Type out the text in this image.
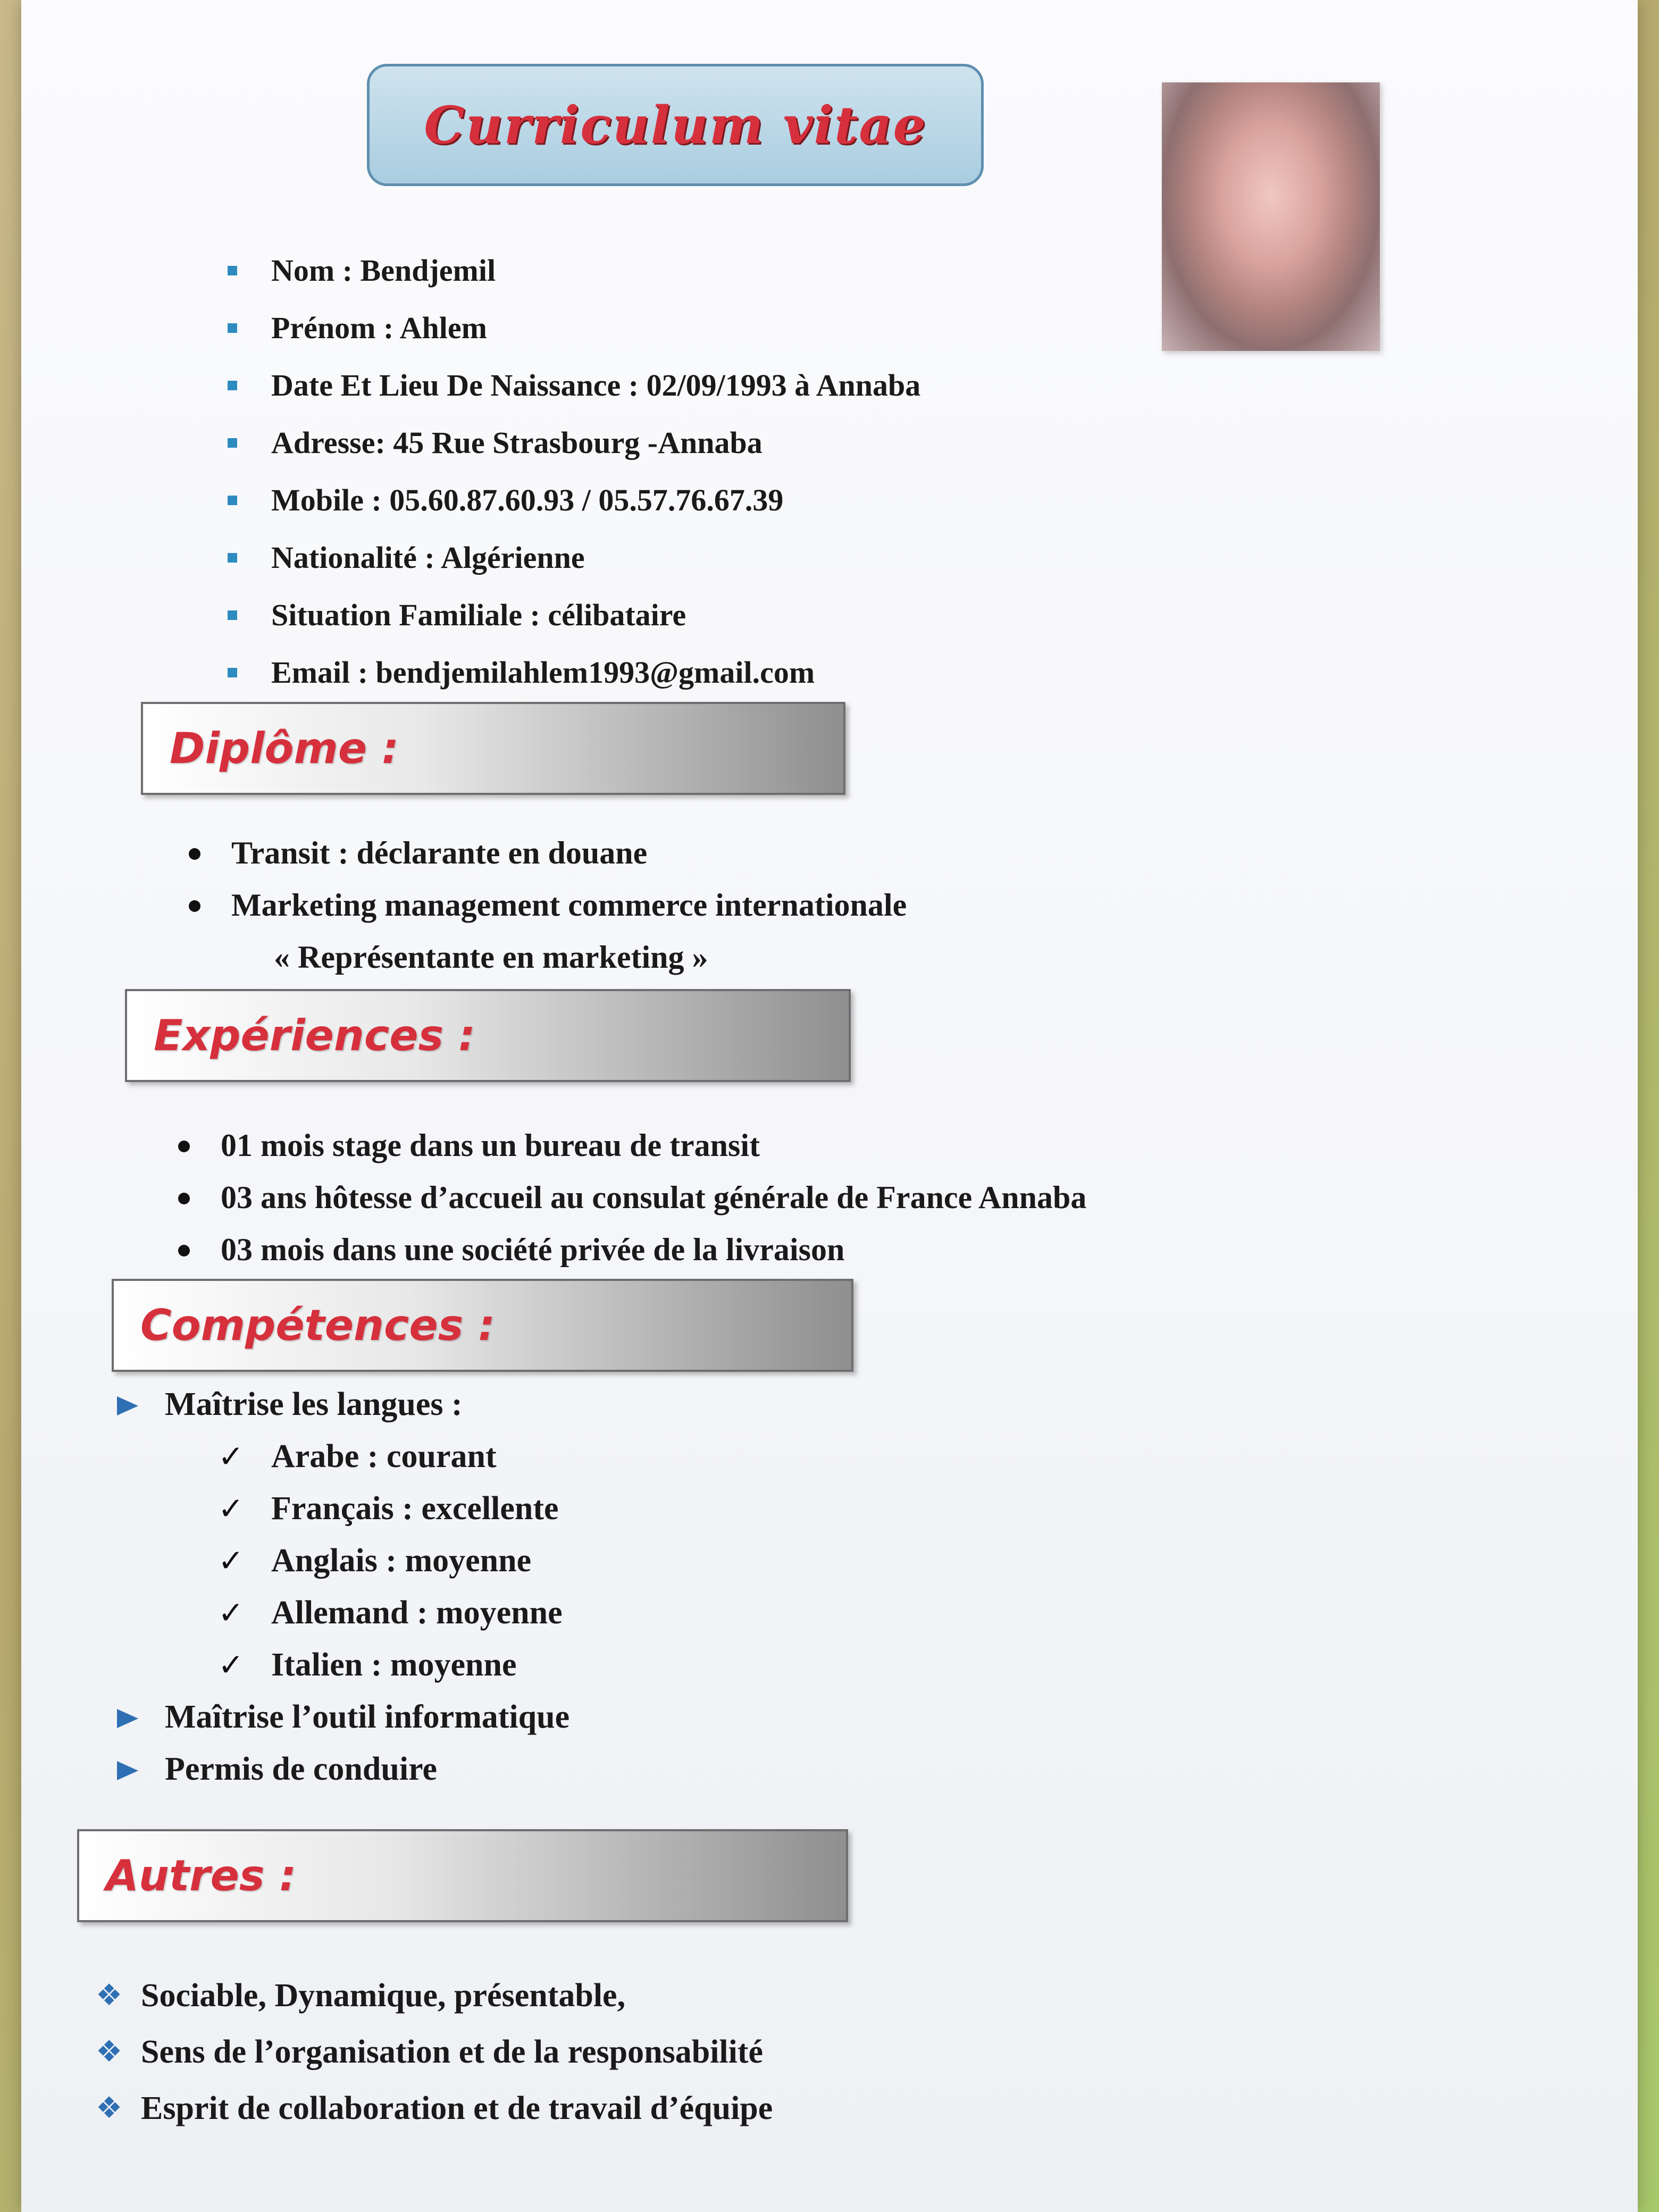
Curriculum vitae
Nom : Bendjemil
Prénom : Ahlem
Date Et Lieu De Naissance : 02/09/1993 à Annaba
Adresse: 45 Rue Strasbourg -Annaba
Mobile : 05.60.87.60.93 / 05.57.76.67.39
Nationalité : Algérienne
Situation Familiale : célibataire
Email : bendjemilahlem1993@gmail.com
Diplôme :
Transit : déclarante en douane
Marketing management commerce internationale
« Représentante en marketing »
Expériences :
01 mois stage dans un bureau de transit
03 ans hôtesse d’accueil au consulat générale de France Annaba
03 mois dans une société privée de la livraison
Compétences :
Maîtrise les langues :
✓ Arabe : courant
✓ Français : excellente
✓ Anglais : moyenne
✓ Allemand : moyenne
✓ Italien : moyenne
Maîtrise l’outil informatique
Permis de conduire
Autres :
❖ Sociable, Dynamique, présentable,
❖ Sens de l’organisation et de la responsabilité
❖ Esprit de collaboration et de travail d’équipe
